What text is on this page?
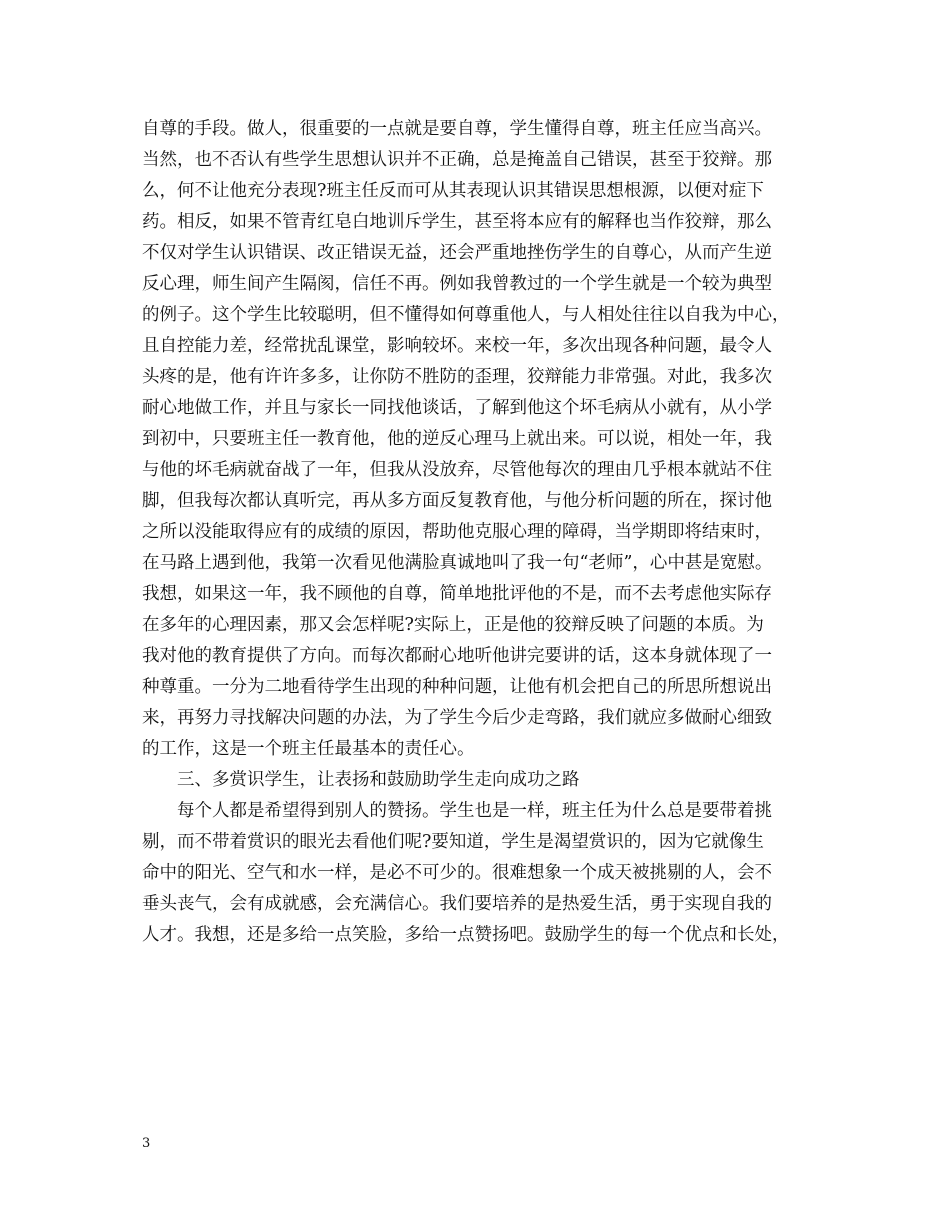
自尊的手段。做人，很重要的一点就是要自尊，学生懂得自尊，班主任应当高兴。
当然，也不否认有些学生思想认识并不正确，总是掩盖自己错误，甚至于狡辩。那
么，何不让他充分表现?班主任反而可从其表现认识其错误思想根源，以便对症下
药。相反，如果不管青红皂白地训斥学生，甚至将本应有的解释也当作狡辩，那么
不仅对学生认识错误、改正错误无益，还会严重地挫伤学生的自尊心，从而产生逆
反心理，师生间产生隔阂，信任不再。例如我曾教过的一个学生就是一个较为典型
的例子。这个学生比较聪明，但不懂得如何尊重他人，与人相处往往以自我为中心，
且自控能力差，经常扰乱课堂，影响较坏。来校一年，多次出现各种问题，最令人
头疼的是，他有许许多多，让你防不胜防的歪理，狡辩能力非常强。对此，我多次
耐心地做工作，并且与家长一同找他谈话，了解到他这个坏毛病从小就有，从小学
到初中，只要班主任一教育他，他的逆反心理马上就出来。可以说，相处一年，我
与他的坏毛病就奋战了一年，但我从没放弃，尽管他每次的理由几乎根本就站不住
脚，但我每次都认真听完，再从多方面反复教育他，与他分析问题的所在，探讨他
之所以没能取得应有的成绩的原因，帮助他克服心理的障碍，当学期即将结束时，
在马路上遇到他，我第一次看见他满脸真诚地叫了我一句“老师”，心中甚是宽慰。
我想，如果这一年，我不顾他的自尊，简单地批评他的不是，而不去考虑他实际存
在多年的心理因素，那又会怎样呢?实际上，正是他的狡辩反映了问题的本质。为
我对他的教育提供了方向。而每次都耐心地听他讲完要讲的话，这本身就体现了一
种尊重。一分为二地看待学生出现的种种问题，让他有机会把自己的所思所想说出
来，再努力寻找解决问题的办法，为了学生今后少走弯路，我们就应多做耐心细致
的工作，这是一个班主任最基本的责任心。
三、多赏识学生，让表扬和鼓励助学生走向成功之路
每个人都是希望得到别人的赞扬。学生也是一样，班主任为什么总是要带着挑
剔，而不带着赏识的眼光去看他们呢?要知道，学生是渴望赏识的，因为它就像生
命中的阳光、空气和水一样，是必不可少的。很难想象一个成天被挑剔的人，会不
垂头丧气，会有成就感，会充满信心。我们要培养的是热爱生活，勇于实现自我的
人才。我想，还是多给一点笑脸，多给一点赞扬吧。鼓励学生的每一个优点和长处，
3
